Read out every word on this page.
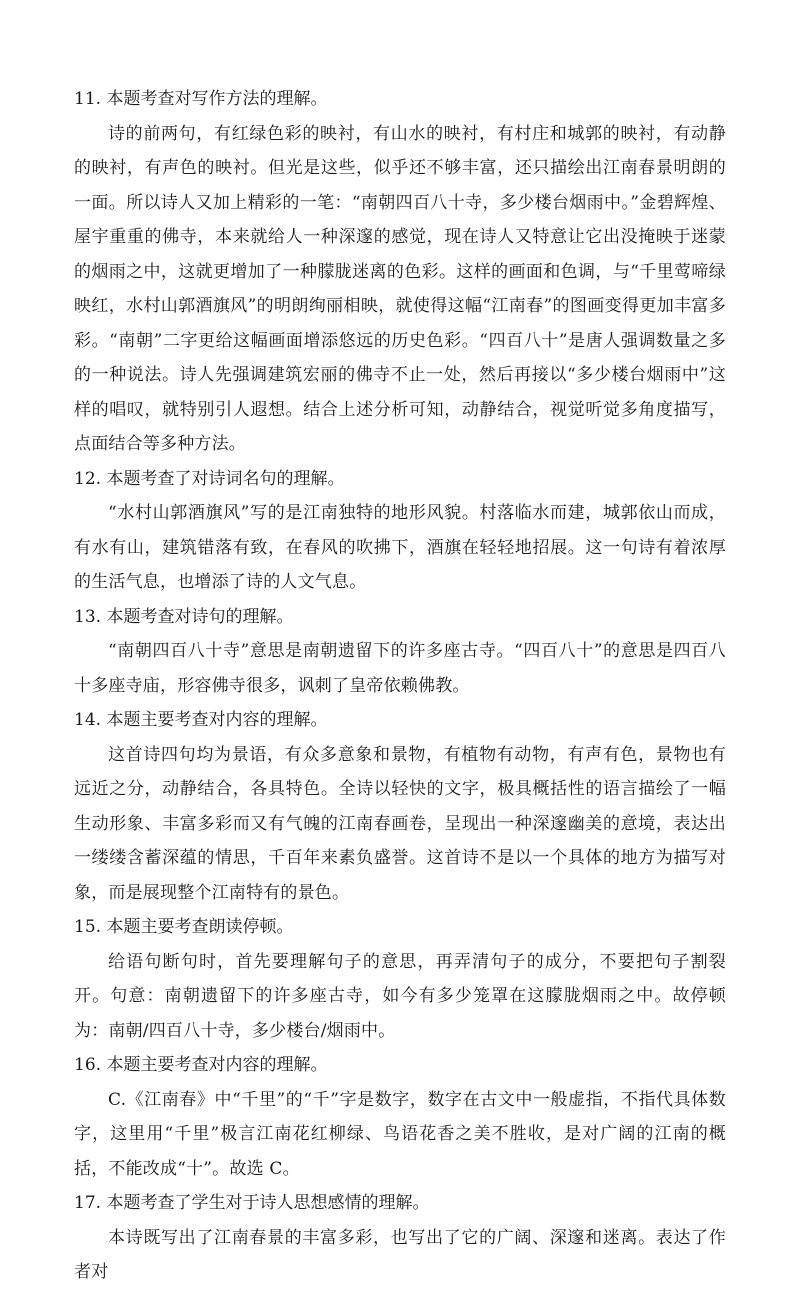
11. 本题考查对写作方法的理解。

诗的前两句，有红绿色彩的映衬，有山水的映衬，有村庄和城郭的映衬，有动静的映衬，有声色的映衬。但光是这些，似乎还不够丰富，还只描绘出江南春景明朗的一面。所以诗人又加上精彩的一笔：“南朝四百八十寺，多少楼台烟雨中。”金碧辉煌、屋宇重重的佛寺，本来就给人一种深邃的感觉，现在诗人又特意让它出没掩映于迷蒙的烟雨之中，这就更增加了一种朦胧迷离的色彩。这样的画面和色调，与“千里莺啼绿映红，水村山郭酒旗风”的明朗绚丽相映，就使得这幅“江南春”的图画变得更加丰富多彩。“南朝”二字更给这幅画面增添悠远的历史色彩。“四百八十”是唐人强调数量之多的一种说法。诗人先强调建筑宏丽的佛寺不止一处，然后再接以“多少楼台烟雨中”这样的唱叹，就特别引人遐想。结合上述分析可知，动静结合，视觉听觉多角度描写，点面结合等多种方法。

12. 本题考查了对诗词名句的理解。

“水村山郭酒旗风”写的是江南独特的地形风貌。村落临水而建，城郭依山而成，有水有山，建筑错落有致，在春风的吹拂下，酒旗在轻轻地招展。这一句诗有着浓厚的生活气息，也增添了诗的人文气息。

13. 本题考查对诗句的理解。

“南朝四百八十寺”意思是南朝遗留下的许多座古寺。“四百八十”的意思是四百八十多座寺庙，形容佛寺很多，讽刺了皇帝依赖佛教。

14. 本题主要考查对内容的理解。

这首诗四句均为景语，有众多意象和景物，有植物有动物，有声有色，景物也有远近之分，动静结合，各具特色。全诗以轻快的文字，极具概括性的语言描绘了一幅生动形象、丰富多彩而又有气魄的江南春画卷，呈现出一种深邃幽美的意境，表达出一缕缕含蓄深蕴的情思，千百年来素负盛誉。这首诗不是以一个具体的地方为描写对象，而是展现整个江南特有的景色。

15. 本题主要考查朗读停顿。

给语句断句时，首先要理解句子的意思，再弄清句子的成分，不要把句子割裂开。句意：南朝遗留下的许多座古寺，如今有多少笼罩在这朦胧烟雨之中。故停顿为：南朝/四百八十寺，多少楼台/烟雨中。

16. 本题主要考查对内容的理解。

C.《江南春》中“千里”的“千”字是数字，数字在古文中一般虚指，不指代具体数字，这里用“千里”极言江南花红柳绿、鸟语花香之美不胜收，是对广阔的江南的概括，不能改成“十”。故选 C。

17. 本题考查了学生对于诗人思想感情的理解。

本诗既写出了江南春景的丰富多彩，也写出了它的广阔、深邃和迷离。表达了作者对
